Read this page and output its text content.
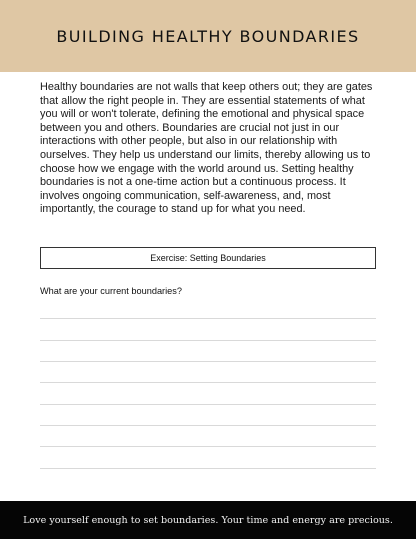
BUILDING HEALTHY BOUNDARIES

Healthy boundaries are not walls that keep others out; they are gates that allow the right people in. They are essential statements of what you will or won't tolerate, defining the emotional and physical space between you and others. Boundaries are crucial not just in our interactions with other people, but also in our relationship with ourselves. They help us understand our limits, thereby allowing us to choose how we engage with the world around us. Setting healthy boundaries is not a one-time action but a continuous process. It involves ongoing communication, self-awareness, and, most importantly, the courage to stand up for what you need.

Exercise: Setting Boundaries

What are your current boundaries?

Love yourself enough to set boundaries. Your time and energy are precious.
